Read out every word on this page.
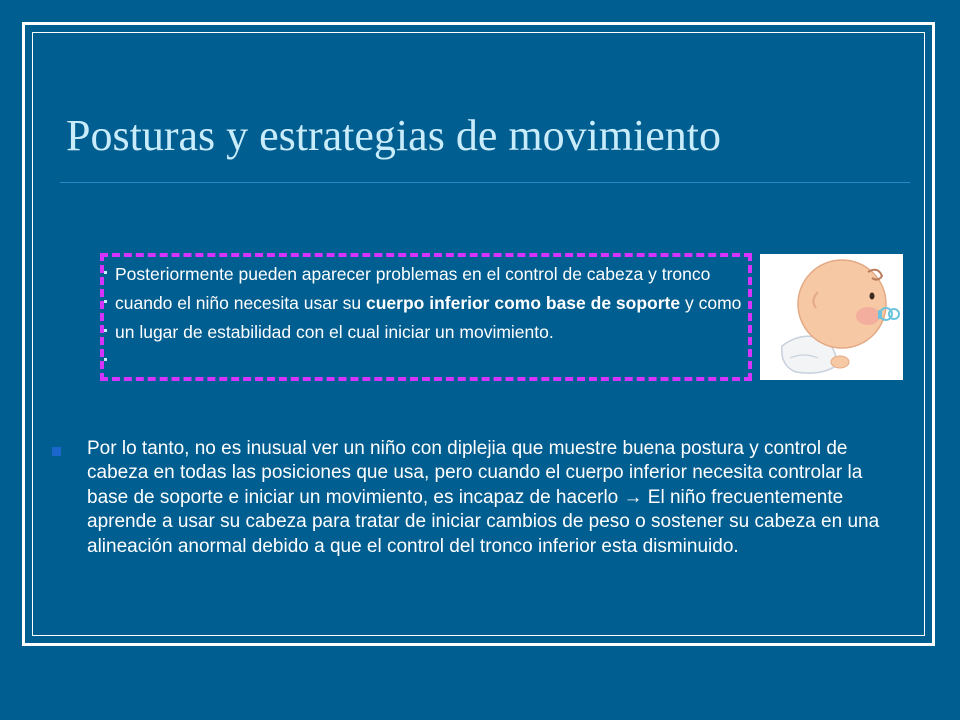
Posturas y estrategias de movimiento
Posteriormente pueden aparecer problemas en el control de cabeza y tronco cuando el niño necesita usar su cuerpo inferior como base de soporte y como un lugar de estabilidad con el cual iniciar un movimiento.
Por lo tanto, no es inusual ver un niño con diplejia que muestre buena postura y control de cabeza en todas las posiciones que usa, pero cuando el cuerpo inferior necesita controlar la base de soporte e iniciar un movimiento, es incapaz de hacerlo → El niño frecuentemente aprende a usar su cabeza para tratar de iniciar cambios de peso o sostener su cabeza en una alineación anormal debido a que el control del tronco inferior esta disminuido.
